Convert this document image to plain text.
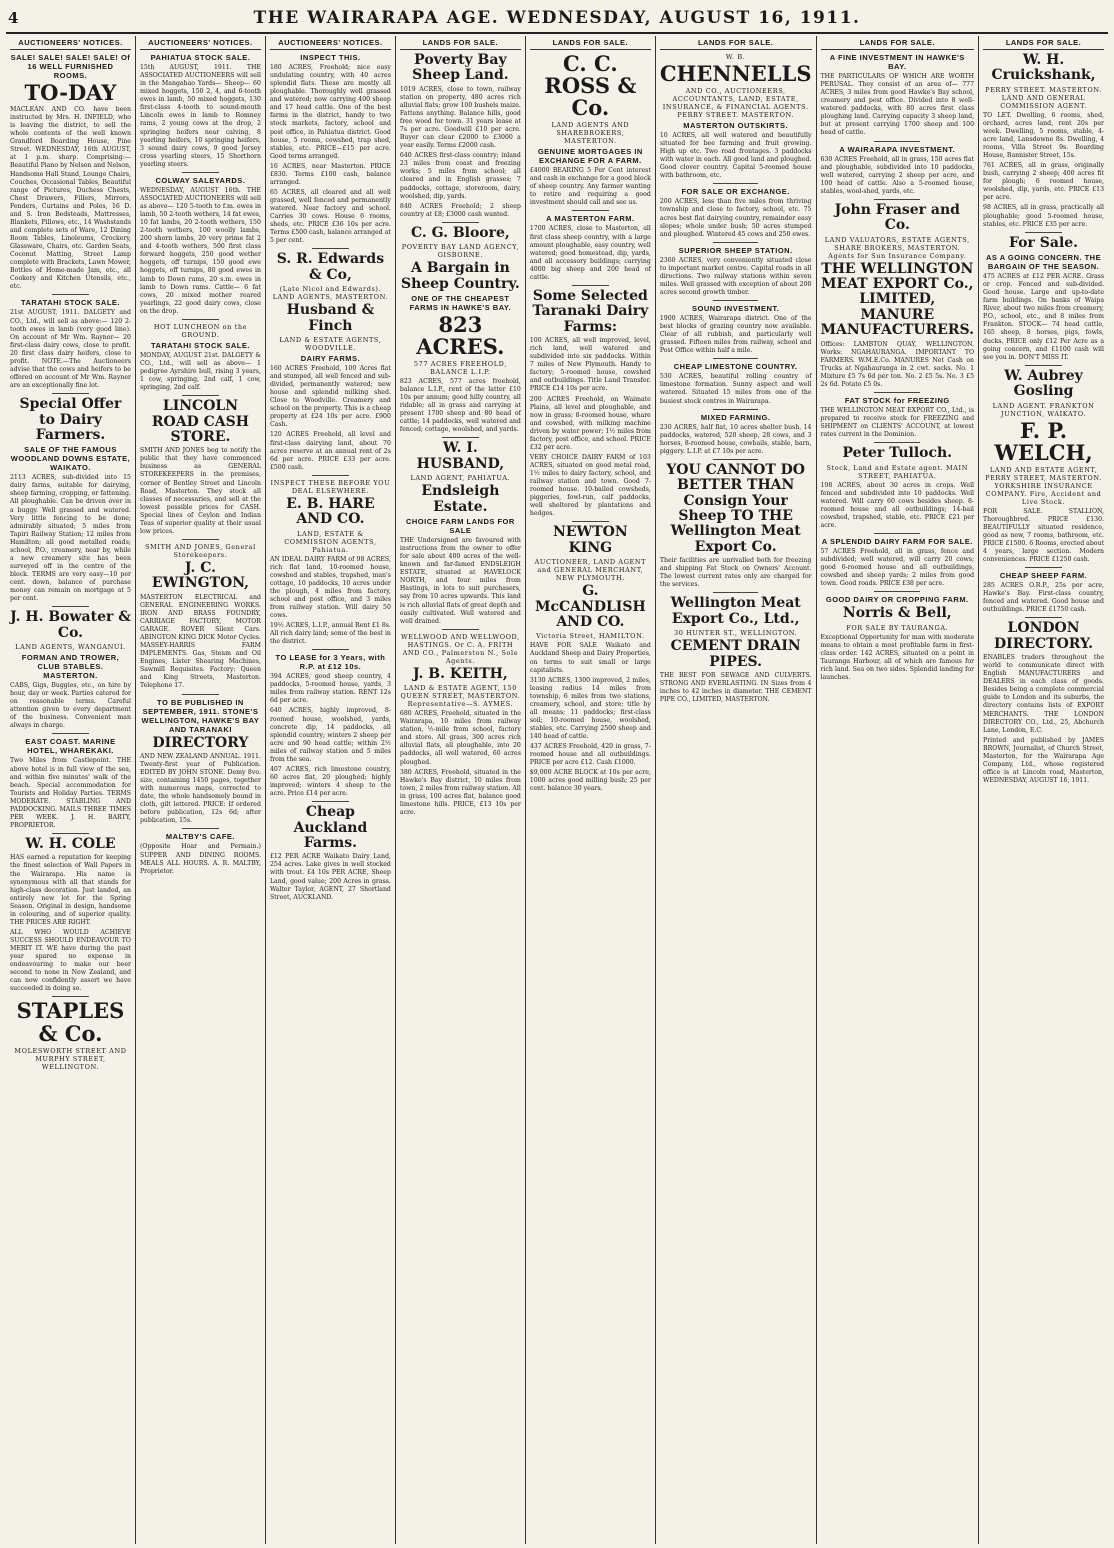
4	THE WAIRARAPA AGE. WEDNESDAY, AUGUST 16, 1911.
AUCTIONEERS' NOTICES.
SALE! SALE! SALE! SALE! Of 16 WELL FURNISHED ROOMS.
TO-DAY
MACLEAN AND CO. have been instructed by Mrs. H. INFIELD, who is leaving the district, to sell the whole contents of the well known Grandford Boarding House, Pine Street. WEDNESDAY, 16th AUGUST, at 1 p.m. sharp. Comprising:— Beautiful Piano by Nelson and Nelson, Handsome Hall Stand, Lounge Chairs, Couches, Occasional Tables, Beautiful range of Pictures, Duchess Chests, Chest Drawers, Fillers, Mirrors, Fenders, Curtains and Poles, 16 D. and S. Iron Bedsteads, Mattresses, Blankets, Pillows, etc., 14 Washstands and complete sets of Ware, 12 Dining Room Tables, Linoleums, Crockery, Glassware, Chairs, etc. Garden Seats, Coconut Matting, Street Lamp complete with Brackets, Lawn Mower, Bottles of Home-made Jam, etc., all Cookery and Kitchen Utensils, etc., etc.
TARATAHI STOCK SALE.
21st AUGUST, 1911. DALGETY and CO., Ltd., will sell as above:— 120 2-tooth ewes in lamb (very good line). On account of Mr Wm. Rayner— 20 first-class dairy cows, close to profit. 20 first class dairy heifers, close to profit. NOTE.—The Auctioneers advise that the cows and heifers to be offered on account of Mr Wm. Rayner are an exceptionally fine lot.
Special Offer to Dairy Farmers.
SALE OF THE FAMOUS WOODLAND DOWNS ESTATE, WAIKATO.
2113 ACRES, sub-divided into 15 dairy farms, suitable for dairying, sheep farming, cropping, or fattening. All ploughable. Can be driven over in a buggy. Well grassed and watered. Very little fencing to be done; admirably situated; 5 miles from Tapiri Railway Station; 12 miles from Hamilton; all good metalled roads; school, P.O., creamery, near by, while a new creamery site has been surveyed off in the centre of the block. TERMS are very easy—10 per cent. down, balance of purchase money can remain on mortgage at 5 per cent.
J. H. Bowater & Co.
LAND AGENTS, WANGANUI.
FORMAN AND TROWER, CLUB STABLES. MASTERTON.
CABS, Gigs, Buggies, etc., on hire by hour, day or week. Parties catered for on reasonable terms. Careful attention given to every department of the business. Convenient man always in charge.
EAST COAST. MARINE HOTEL, WHAREKAKI.
Two Miles from Castlepoint. THE above hotel is in full view of the sea, and within five minutes' walk of the beach. Special accommodation for Tourists and Holiday Parties. TERMS MODERATE. STABLING AND PADDOCKING. MAILS THREE TIMES PER WEEK. J. H. BARTY, PROPRIETOR.
W. H. COLE
HAS earned a reputation for keeping the finest selection of Wall Papers in the Wairarapa. His name is synonymous with all that stands for high-class decoration. Just landed, an entirely new lot for the Spring Season. Original in design, handsome in colouring, and of superior quality. THE PRICES ARE RIGHT.
ALL WHO WOULD ACHIEVE SUCCESS SHOULD ENDEAVOUR TO MERIT IT. WE have during the past year spared no expense in endeavouring to make our beer second to none in New Zealand, and can now confidently assert we have succeeded in doing so.
STAPLES & Co.
MOLESWORTH STREET AND MURPHY STREET, WELLINGTON.
AUCTIONEERS' NOTICES.
PAHIATUA STOCK SALE.
15th AUGUST, 1911. THE ASSOCIATED AUCTIONEERS will sell in the Mangahao Yards— Sheep— 60 mixed hoggets, 150 2, 4, and 6-tooth ewes in lamb, 50 mixed hoggets, 130 first-class 4-tooth to sound-mouth Lincoln ewes in lamb to Romney rams, 2 young cows at the drop, 2 springing heifers near calving, 8 yearling heifers, 10 springing heifers, 3 sound dairy cows, 9 good Jersey cross yearling steers, 15 Shorthorn yearling steers.
COLWAY SALEYARDS.
WEDNESDAY, AUGUST 16th. THE ASSOCIATED AUCTIONEERS will sell as above— 120 5-tooth to f.m. ewes in lamb, 50 2-tooth wethers, 14 fat ewes, 10 fat lambs, 20 2-tooth wethers, 150 2-tooth wethers, 100 woolly lambs, 200 shorn lambs, 20 very prime fat 2 and 4-tooth wethers, 500 first class forward hoggets, 250 good wether hoggets, off turnips, 150 good ewe hoggets, off turnips, 80 good ewes in lamb to Down rams, 20 s.m. ewes in lamb to Down rams. Cattle— 6 fat cows, 20 mixed mother reared yearlings, 22 good dairy cows, close on the drop.
HOT LUNCHEON on the GROUND.
TARATAHI STOCK SALE.
MONDAY, AUGUST 21st. DALGETY & CO., Ltd., will sell as above— 1 pedigree Ayrshire bull, rising 3 years, 1 cow, springing, 2nd calf, 1 cow, springing, 2nd calf.
LINCOLN ROAD CASH STORE.
SMITH AND JONES beg to notify the public that they have commenced business as GENERAL STOREKEEPERS in the premises, corner of Bentley Street and Lincoln Road, Masterton. They stock all classes of necessaries, and sell at the lowest possible prices for CASH. Special lines of Ceylon and Indian Teas of superior quality at their usual low prices.
SMITH AND JONES, General Storekeepers.
J. C. EWINGTON,
MASTERTON ELECTRICAL and GENERAL ENGINEERING WORKS. IRON AND BRASS FOUNDRY, CARRIAGE FACTORY, MOTOR GARAGE. ROVER Silent Cars. ABINGTON KING DICK Motor Cycles. MASSEY-HARRIS FARM IMPLEMENTS. Gas, Steam and Oil Engines, Lister Shearing Machines, Sawmill Requisites. Factory: Queen and King Streets, Masterton. Telephone 17.
TO BE PUBLISHED IN SEPTEMBER, 1911. STONE'S WELLINGTON, HAWKE'S BAY AND TARANAKI
DIRECTORY
AND NEW ZEALAND ANNUAL. 1911. Twenty-first year of Publication. EDITED BY JOHN STONE. Demy 8vo. size, containing 1450 pages, together with numerous maps, corrected to date, the whole handsomely bound in cloth, gilt lettered. PRICE: If ordered before publication, 12s 6d; after publication, 15s.
MALTBY'S CAFE.
(Opposite Hoar and Permain.) SUPPER AND DINING ROOMS. MEALS ALL HOURS. A. R. MALTBY, Proprietor.
AUCTIONEERS' NOTICES.
INSPECT THIS.
180 ACRES, Freehold; nice easy undulating country, with 40 acres splendid flats. These are mostly all ploughable. Thoroughly well grassed and watered; now carrying 400 sheep and 17 head cattle. One of the best farms in the district, handy to two stock markets, factory, school and post office, in Pahiatua district. Good house, 5 rooms, cowshed, trap shed, stables, etc. PRICE—£15 per acre. Good terms arranged.
16 ACRES, near Masterton. PRICE £830. Terms £100 cash, balance arranged.
65 ACRES, all cleared and all well grassed, well fenced and permanently watered. Near factory and school. Carries 30 cows. House 6 rooms, sheds, etc. PRICE £36 10s per acre. Terms £500 cash, balance arranged at 5 per cent.
S. R. Edwards & Co,
(Late Nicol and Edwards). LAND AGENTS, MASTERTON.
Husband & Finch
LAND & ESTATE AGENTS, WOODVILLE.
DAIRY FARMS.
160 ACRES Freehold, 100 Acres flat and stumped, all well fenced and sub-divided, permanently watered; new house and splendid milking shed. Close to Woodville. Creamery and school on the property. This is a cheap property at £24 10s per acre. £900 Cash.
120 ACRES Freehold, all level and first-class dairying land, about 70 acres reserve at an annual rent of 2s 6d per acre. PRICE £33 per acre. £500 cash.
INSPECT THESE BEFORE YOU DEAL ELSEWHERE.
E. B. HARE AND CO.
LAND, ESTATE & COMMISSION AGENTS, Pahiatua.
AN IDEAL DAIRY FARM of 98 ACRES, rich flat land, 10-roomed house, cowshed and stables, trapshed, man's cottage, 10 paddocks, 10 acres under the plough, 4 miles from factory, school and post office, and 3 miles from railway station. Will dairy 50 cows.
19½ ACRES, L.I.P., annual Rent £1 8s. All rich dairy land; some of the best in the district.
TO LEASE for 3 Years, with R.P. at £12 10s.
394 ACRES, good sheep country, 4 paddocks, 5-roomed house, yards, 3 miles from railway station. RENT 12s 6d per acre.
640 ACRES, highly improved, 8-roomed house, woolshed, yards, concrete dip, 14 paddocks, all splendid country; winters 2 sheep per acre and 90 head cattle; within 2½ miles of railway station and 5 miles from the sea.
407 ACRES, rich limestone country, 60 acres flat, 20 ploughed; highly improved; winters 4 sheep to the acre. Price £14 per acre.
Cheap Auckland Farms.
£12 PER ACRE Waikato Dairy Land, 254 acres. Lake gives in well stocked with trout. £4 10s PER ACRE, Sheep Land, good value; 200 Acres in grass. Walter Taylor, AGENT, 27 Shortland Street, AUCKLAND.
LANDS FOR SALE.
Poverty Bay Sheep Land.
1019 ACRES, close to town, railway station on property, 480 acres rich alluvial flats; grow 100 bushels maize. Fattens anything. Balance hills, good free wood for town. 31 years lease at 7s per acre. Goodwill £10 per acre. Buyer can clear £2000 to £3000 a year easily. Terms £2000 cash.
640 ACRES first-class country; inland 23 miles from coast and freezing works; 5 miles from school; all cleared and in English grasses; 7 paddocks, cottage, storeroom, dairy, woolshed, dip, yards.
840 ACRES Freehold; 2 sheep country at £8; £3000 cash wanted.
C. G. Bloore,
POVERTY BAY LAND AGENCY, GISBORNE.
A Bargain in Sheep Country.
ONE OF THE CHEAPEST FARMS IN HAWKE'S BAY.
823 ACRES.
577 ACRES FREEHOLD, BALANCE L.I.P.
823 ACRES, 577 acres freehold, balance L.I.P., rent of the latter £10 10s per annum; good hilly country, all ridable; all in grass and carrying at present 1700 sheep and 80 head of cattle; 14 paddocks, well watered and fenced; cottage, woolshed, and yards.
W. I. HUSBAND,
LAND AGENT, PAHIATUA.
Endsleigh Estate.
CHOICE FARM LANDS FOR SALE
THE Undersigned are favoured with instructions from the owner to offer for sale about 400 acres of the well-known and far-famed ENDSLEIGH ESTATE, situated at HAVELOCK NORTH, and four miles from Hastings, in lots to suit purchasers, say from 10 acres upwards. This land is rich alluvial flats of great depth and easily cultivated. Well watered and well drained.
WELLWOOD AND WELLWOOD, HASTINGS. Or C. A. FRITH AND CO., Palmerston N., Sole Agents.
J. B. KEITH,
LAND & ESTATE AGENT, 150 QUEEN STREET, MASTERTON. Representative—S. AYMES.
680 ACRES, Freehold, situated in the Wairarapa, 10 miles from railway station, ½-mile from school, factory and store. All grass, 300 acres rich alluvial flats, all ploughable, into 20 paddocks, all well watered, 60 acres ploughed.
380 ACRES, Freehold, situated in the Hawke's Bay district, 10 miles from town, 2 miles from railway station. All in grass, 100 acres flat, balance good limestone hills. PRICE, £13 10s per acre.
LANDS FOR SALE.
C. C. ROSS & Co.
LAND AGENTS AND SHAREBROKERS, MASTERTON.
GENUINE MORTGAGES IN EXCHANGE FOR A FARM.
£4000 BEARING 5 Per Cent interest and cash in exchange for a good block of sheep country. Any farmer wanting to retire and requiring a good investment should call and see us.
A MASTERTON FARM.
1700 ACRES, close to Masterton, all first class sheep country, with a large amount ploughable, easy country, well watered; good homestead, dip, yards, and all accessory buildings; carrying 4000 big sheep and 200 head of cattle.
Some Selected Taranaki Dairy Farms:
100 ACRES, all well improved, level, rich land, well watered and subdivided into six paddocks. Within 7 miles of New Plymouth. Handy to factory; 5-roomed house, cowshed and outbuildings. Title Land Transfer. PRICE £14 10s per acre.
200 ACRES Freehold, on Waimate Plains, all level and ploughable, and now in grass; 8-roomed house, whare and cowshed, with milking machine driven by water power; 1½ miles from factory, post office, and school. PRICE £32 per acre.
VERY CHOICE DAIRY FARM of 103 ACRES, situated on good metal road, 1½ miles to dairy factory, school, and railway station and town. Good 7-roomed house. 10-bailed cowsheds, piggeries, fowl-run, calf paddocks, well sheltered by plantations and hedges.
NEWTON KING
AUCTIONEER, LAND AGENT and GENERAL MERCHANT, NEW PLYMOUTH.
G. McCANDLISH AND CO.
Victoria Street, HAMILTON.
HAVE FOR SALE Waikato and Auckland Sheep and Dairy Properties, on terms to suit small or large capitalists.
3130 ACRES, 1300 improved, 2 miles, leasing radius 14 miles from township, 6 miles from two stations, creamery, school, and store; title by all means; 11 paddocks; first-class soil; 10-roomed house, woolshed, stables, etc. Carrying 2500 sheep and 140 head of cattle.
437 ACRES Freehold, 420 in grass, 7-roomed house and all outbuildings. PRICE per acre £12. Cash £1000.
$9,000 ACRE BLOCK at 10s per acre, 1000 acres good milling bush; 25 per cent. balance 30 years.
LANDS FOR SALE.
W. B.
CHENNELLS
AND CO., AUCTIONEERS, ACCOUNTANTS, LAND, ESTATE, INSURANCE, & FINANCIAL AGENTS. PERRY STREET. MASTERTON.
MASTERTON OUTSKIRTS.
10 ACRES, all well watered and beautifully situated for bee farming and fruit growing. High up etc. Two road frontages. 3 paddocks with water in each. All good land and ploughed. Good clover country. Capital 5-roomed house with bathroom, etc.
FOR SALE OR EXCHANGE.
200 ACRES, less than five miles from thriving township and close to factory, school, etc. 75 acres best flat dairying country, remainder easy slopes; whole under bush; 50 acres stumped and ploughed. Wintered 45 cows and 250 ewes.
SUPERIOR SHEEP STATION.
2360 ACRES, very conveniently situated close to important market centre. Capital roads in all directions. Two railway stations within seven miles. Well grassed with exception of about 200 acres second growth timber.
SOUND INVESTMENT.
1900 ACRES, Wairarapa district. One of the best blocks of grazing country now available. Clear of all rubbish, and particularly well grassed. Fifteen miles from railway, school and Post Office within half a mile.
CHEAP LIMESTONE COUNTRY.
530 ACRES, beautiful rolling country of limestone formation. Sunny aspect and well watered. Situated 15 miles from one of the busiest stock centres in Wairarapa.
MIXED FARMING.
230 ACRES, half flat, 10 acres shelter bush, 14 paddocks, watered, 520 sheep, 28 cows, and 3 horses, 8-roomed house, cowbails, stable, barn, piggery. L.I.P. at £7 10s per acre.
YOU CANNOT DO BETTER THAN Consign Your Sheep TO THE Wellington Meat Export Co.
Their facilities are unrivalled both for freezing and shipping Fat Stock on Owners' Account. The lowest current rates only are charged for the services.
Wellington Meat Export Co., Ltd.,
30 HUNTER ST., WELLINGTON.
CEMENT DRAIN PIPES.
THE BEST FOR SEWAGE AND CULVERTS. STRONG AND EVERLASTING. IN Sizes from 4 inches to 42 inches in diameter. THE CEMENT PIPE CO., LIMITED, MASTERTON.
LANDS FOR SALE.
A FINE INVESTMENT IN HAWKE'S BAY.
THE PARTICULARS OF WHICH ARE WORTH PERUSAL. They consist of an area of— 777 ACRES, 3 miles from good Hawke's Bay school, creamery and post office. Divided into 8 well-watered paddocks, with 80 acres first class ploughing land. Carrying capacity 3 sheep land, but at present carrying 1700 sheep and 100 head of cattle.
A WAIRARAPA INVESTMENT.
630 ACRES Freehold, all in grass, 150 acres flat and ploughable, subdivided into 10 paddocks, well watered, carrying 2 sheep per acre, and 100 head of cattle. Also a 5-roomed house, stables, wool-shed, yards, etc.
John Fraser and Co.
LAND VALUATORS, ESTATE AGENTS, SHARE BROKERS, MASTERTON. Agents for Sun Insurance Company.
THE WELLINGTON MEAT EXPORT Co., LIMITED, MANURE MANUFACTURERS.
Offices: LAMBTON QUAY, WELLINGTON. Works: NGAHAURANGA. IMPORTANT TO FARMERS. W.M.E.Co. MANURES Net Cash on Trucks at Ngahauranga in 2 cwt. sacks. No. 1 Mixture £5 7s 6d per ton. No. 2 £5 5s. No. 3 £5 2s 6d. Potato £5 0s.
FAT STOCK for FREEZING
THE WELLINGTON MEAT EXPORT CO., Ltd., is prepared to receive stock for FREEZING and SHIPMENT on CLIENTS' ACCOUNT, at lowest rates current in the Dominion.
Peter Tulloch.
Stock, Land and Estate agent. MAIN STREET, PAHIATUA.
198 ACRES, about 30 acres in crops. Well fenced and subdivided into 10 paddocks. Well watered. Will carry 60 cows besides sheep. 8-roomed house and all outbuildings; 14-bail cowshed, trapshed, stable, etc. PRICE £21 per acre.
A SPLENDID DAIRY FARM FOR SALE.
57 ACRES Freehold, all in grass, fence and subdivided; well watered, will carry 20 cows; good 6-roomed house and all outbuildings, cowshed and sheep yards; 2 miles from good town. Good roads. PRICE £38 per acre.
GOOD DAIRY OR CROPPING FARM.
Norris & Bell,
FOR SALE BY TAURANGA.
Exceptional Opportunity for man with moderate means to obtain a most profitable farm in first-class order. 142 ACRES, situated on a point in Tauranga Harbour, all of which are famous for rich land. Sea on two sides. Splendid landing for launches.
LANDS FOR SALE.
W. H. Cruickshank,
PERRY STREET. MASTERTON. LAND AND GENERAL COMMISSION AGENT.
TO LET. Dwelling, 6 rooms, shed, orchard, acres land, rent 20s per week. Dwelling, 5 rooms, stable, 4-acre land, Lansdowne 8s. Dwelling, 4 rooms, Villa Street 9s. Boarding House, Bannister Street, 15s.
761 ACRES, all in grass, originally bush, carrying 2 sheep; 400 acres fit for plough; 6 roomed house, woolshed, dip, yards, etc. PRICE £13 per acre.
98 ACRES, all in grass, practically all ploughable; good 5-roomed house, stables, etc. PRICE £35 per acre.
For Sale.
AS A GOING CONCERN. THE BARGAIN OF THE SEASON.
475 ACRES at £12 PER ACRE. Grass or crop. Fenced and sub-divided. Good house. Large and up-to-date farm buildings. On banks of Waipa River, about two miles from creamery, P.O., school, etc., and 8 miles from Frankton. STOCK— 74 head cattle, 165 sheep, 8 horses, pigs, fowls, ducks. PRICE only £12 Per Acre as a going concern, and £1100 cash will see you in. DON'T MISS IT.
W. Aubrey Gosling
LAND AGENT. FRANKTON JUNCTION, WAIKATO.
F. P. WELCH,
LAND AND ESTATE AGENT, PERRY STREET, MASTERTON. YORKSHIRE INSURANCE COMPANY. Fire, Accident and Live Stock.
FOR SALE. STALLION, Thoroughbred. PRICE £130. BEAUTIFULLY situated residence, good as new, 7 rooms, bathroom, etc. PRICE £1500. 6 Rooms, erected about 4 years, large section. Modern conveniences. PRICE £1250 cash.
CHEAP SHEEP FARM.
285 ACRES O.R.P., 25s per acre, Hawke's Bay. First-class country, fenced and watered. Good house and outbuildings. PRICE £1750 cash.
LONDON DIRECTORY.
ENABLES traders throughout the world to communicate direct with English MANUFACTURERS and DEALERS in each class of goods. Besides being a complete commercial guide to London and its suburbs, the directory contains lists of EXPORT MERCHANTS. THE LONDON DIRECTORY CO., Ltd., 25, Abchurch Lane, London, E.C.
Printed and published by JAMES BROWN, Journalist, of Church Street, Masterton, for the Wairarapa Age Company, Ltd., whose registered office is at Lincoln road, Masterton, WEDNESDAY, AUGUST 16, 1911.
